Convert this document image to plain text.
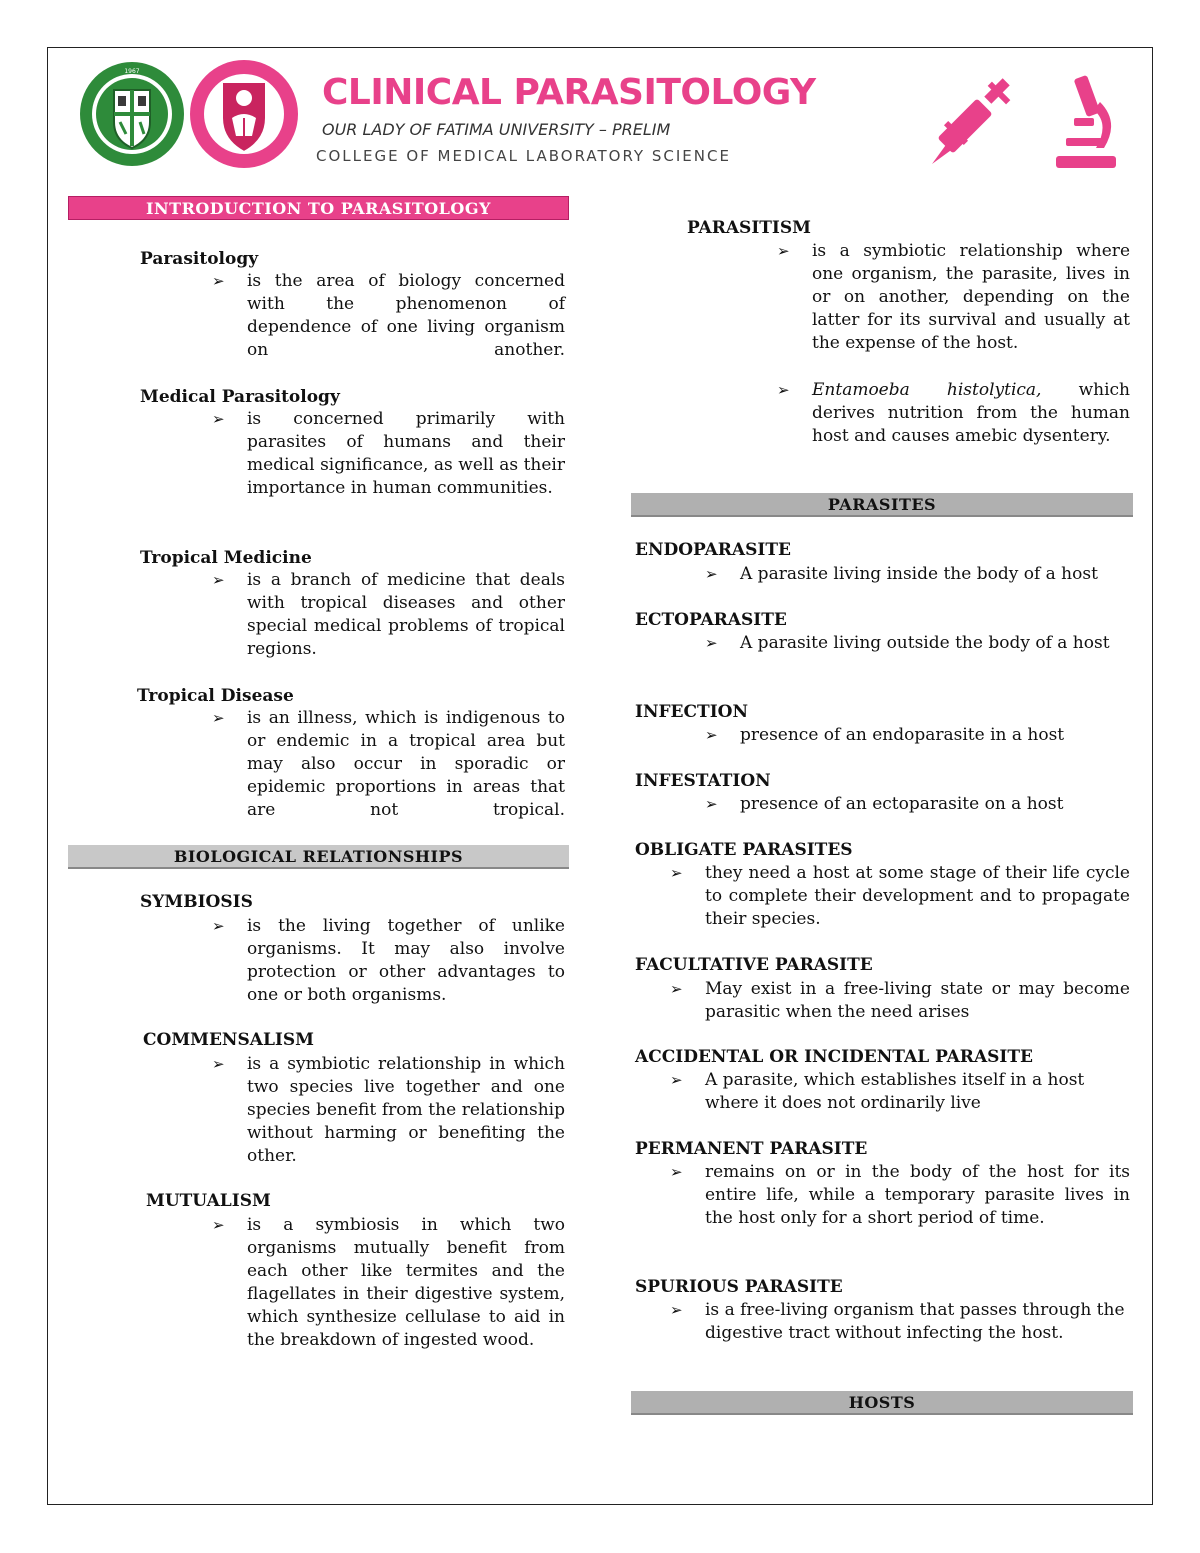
1967
CLINICAL PARASITOLOGY
OUR LADY OF FATIMA UNIVERSITY – PRELIM
COLLEGE OF MEDICAL LABORATORY SCIENCE
INTRODUCTION TO PARASITOLOGY
Parasitology
➢ is the area of biology concerned with the phenomenon of dependence of one living organism on another.
Medical Parasitology
➢ is concerned primarily with parasites of humans and their medical significance, as well as their importance in human communities.
Tropical Medicine
➢ is a branch of medicine that deals with tropical diseases and other special medical problems of tropical regions.
Tropical Disease
➢ is an illness, which is indigenous to or endemic in a tropical area but may also occur in sporadic or epidemic proportions in areas that are not tropical.
BIOLOGICAL RELATIONSHIPS
SYMBIOSIS
➢ is the living together of unlike organisms. It may also involve protection or other advantages to one or both organisms.
COMMENSALISM
➢ is a symbiotic relationship in which two species live together and one species benefit from the relationship without harming or benefiting the other.
MUTUALISM
➢ is a symbiosis in which two organisms mutually benefit from each other like termites and the flagellates in their digestive system, which synthesize cellulase to aid in the breakdown of ingested wood.
PARASITISM
➢ is a symbiotic relationship where one organism, the parasite, lives in or on another, depending on the latter for its survival and usually at the expense of the host.
➢ Entamoeba histolytica, which derives nutrition from the human host and causes amebic dysentery.
PARASITES
ENDOPARASITE
➢ A parasite living inside the body of a host
ECTOPARASITE
➢ A parasite living outside the body of a host
INFECTION
➢ presence of an endoparasite in a host
INFESTATION
➢ presence of an ectoparasite on a host
OBLIGATE PARASITES
➢ they need a host at some stage of their life cycle to complete their development and to propagate their species.
FACULTATIVE PARASITE
➢ May exist in a free-living state or may become parasitic when the need arises
ACCIDENTAL OR INCIDENTAL PARASITE
➢ A parasite, which establishes itself in a host where it does not ordinarily live
PERMANENT PARASITE
➢ remains on or in the body of the host for its entire life, while a temporary parasite lives in the host only for a short period of time.
SPURIOUS PARASITE
➢ is a free-living organism that passes through the digestive tract without infecting the host.
HOSTS
